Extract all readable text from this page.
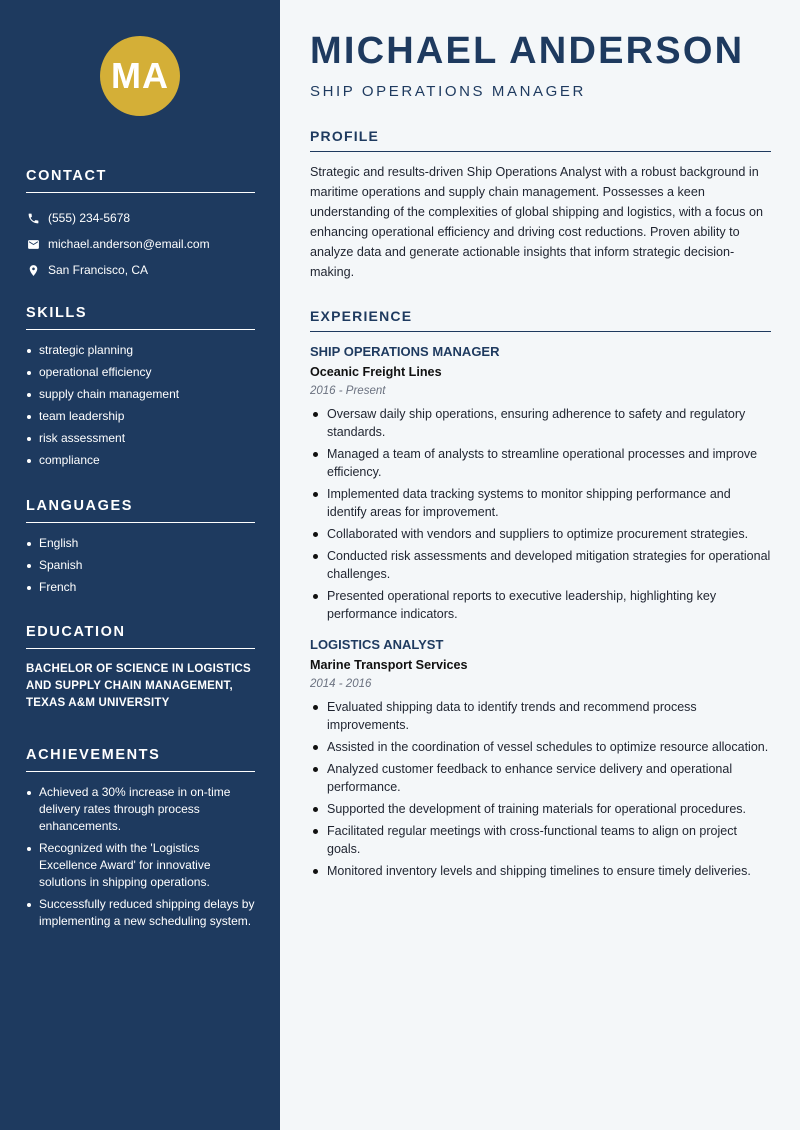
MA
CONTACT
(555) 234-5678
michael.anderson@email.com
San Francisco, CA
SKILLS
strategic planning
operational efficiency
supply chain management
team leadership
risk assessment
compliance
LANGUAGES
English
Spanish
French
EDUCATION
BACHELOR OF SCIENCE IN LOGISTICS AND SUPPLY CHAIN MANAGEMENT, TEXAS A&M UNIVERSITY
ACHIEVEMENTS
Achieved a 30% increase in on-time delivery rates through process enhancements.
Recognized with the 'Logistics Excellence Award' for innovative solutions in shipping operations.
Successfully reduced shipping delays by implementing a new scheduling system.
MICHAEL ANDERSON
SHIP OPERATIONS MANAGER
PROFILE

Strategic and results-driven Ship Operations Analyst with a robust background in maritime operations and supply chain management. Possesses a keen understanding of the complexities of global shipping and logistics, with a focus on enhancing operational efficiency and driving cost reductions. Proven ability to analyze data and generate actionable insights that inform strategic decision-making.

EXPERIENCE
SHIP OPERATIONS MANAGER
Oceanic Freight Lines
2016 - Present
Oversaw daily ship operations, ensuring adherence to safety and regulatory standards.
Managed a team of analysts to streamline operational processes and improve efficiency.
Implemented data tracking systems to monitor shipping performance and identify areas for improvement.
Collaborated with vendors and suppliers to optimize procurement strategies.
Conducted risk assessments and developed mitigation strategies for operational challenges.
Presented operational reports to executive leadership, highlighting key performance indicators.
LOGISTICS ANALYST
Marine Transport Services
2014 - 2016
Evaluated shipping data to identify trends and recommend process improvements.
Assisted in the coordination of vessel schedules to optimize resource allocation.
Analyzed customer feedback to enhance service delivery and operational performance.
Supported the development of training materials for operational procedures.
Facilitated regular meetings with cross-functional teams to align on project goals.
Monitored inventory levels and shipping timelines to ensure timely deliveries.
